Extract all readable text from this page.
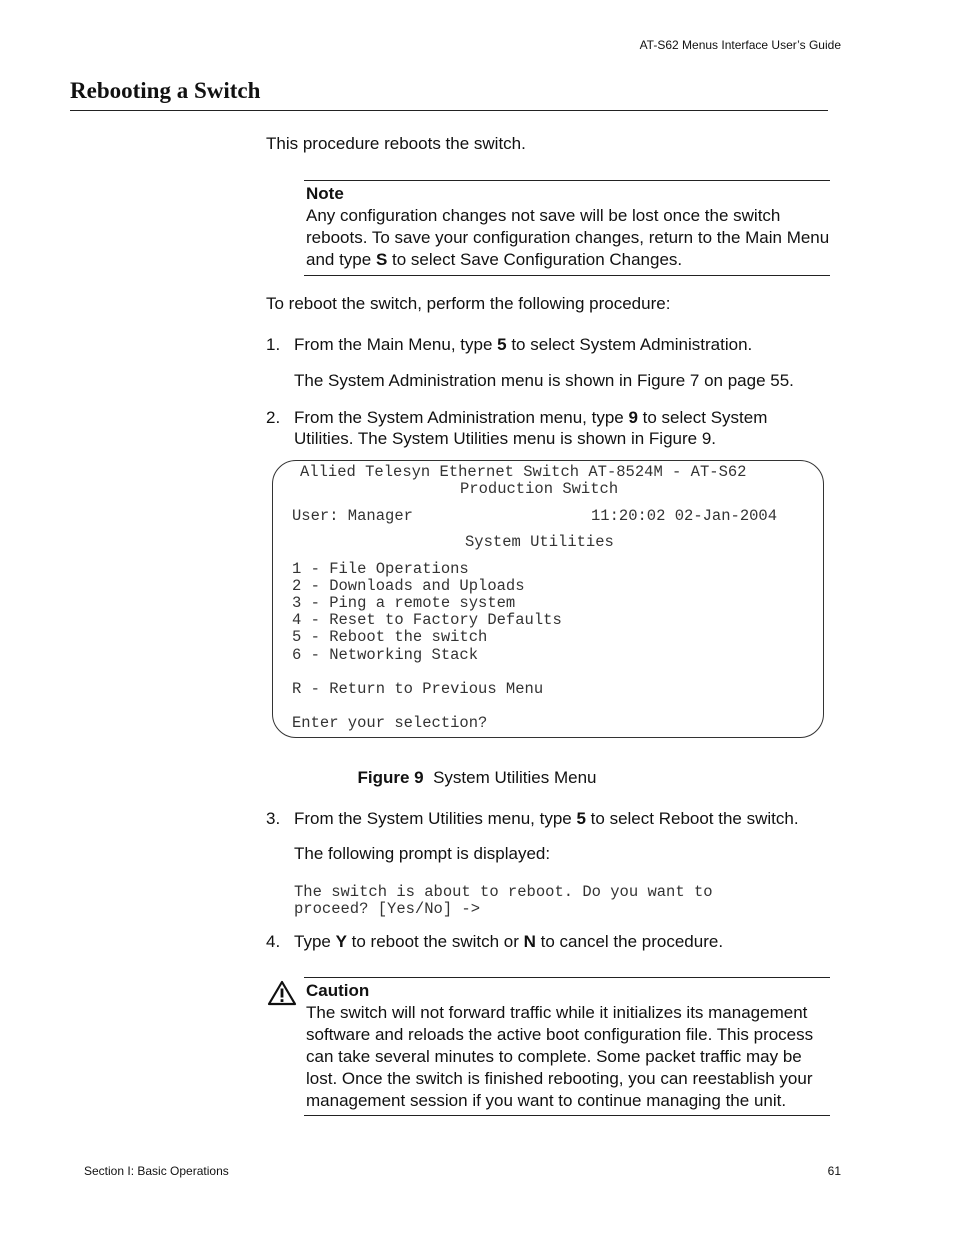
AT-S62 Menus Interface User’s Guide
Rebooting a Switch
This procedure reboots the switch.
Note
Any configuration changes not save will be lost once the switch reboots. To save your configuration changes, return to the Main Menu and type S to select Save Configuration Changes.
To reboot the switch, perform the following procedure:
1. From the Main Menu, type 5 to select System Administration.
The System Administration menu is shown in Figure 7 on page 55.
2. From the System Administration menu, type 9 to select System
Utilities. The System Utilities menu is shown in Figure 9.
Allied Telesyn Ethernet Switch AT-8524M - AT-S62
Production Switch
User: Manager	11:20:02 02-Jan-2004
System Utilities
1 - File Operations
2 - Downloads and Uploads
3 - Ping a remote system
4 - Reset to Factory Defaults
5 - Reboot the switch
6 - Networking Stack
R - Return to Previous Menu
Enter your selection?
Figure 9 System Utilities Menu
3. From the System Utilities menu, type 5 to select Reboot the switch.
The following prompt is displayed:
The switch is about to reboot. Do you want to
proceed? [Yes/No] ->
4. Type Y to reboot the switch or N to cancel the procedure.
Caution
The switch will not forward traffic while it initializes its management software and reloads the active boot configuration file. This process can take several minutes to complete. Some packet traffic may be lost. Once the switch is finished rebooting, you can reestablish your management session if you want to continue managing the unit.
Section I: Basic Operations	61
